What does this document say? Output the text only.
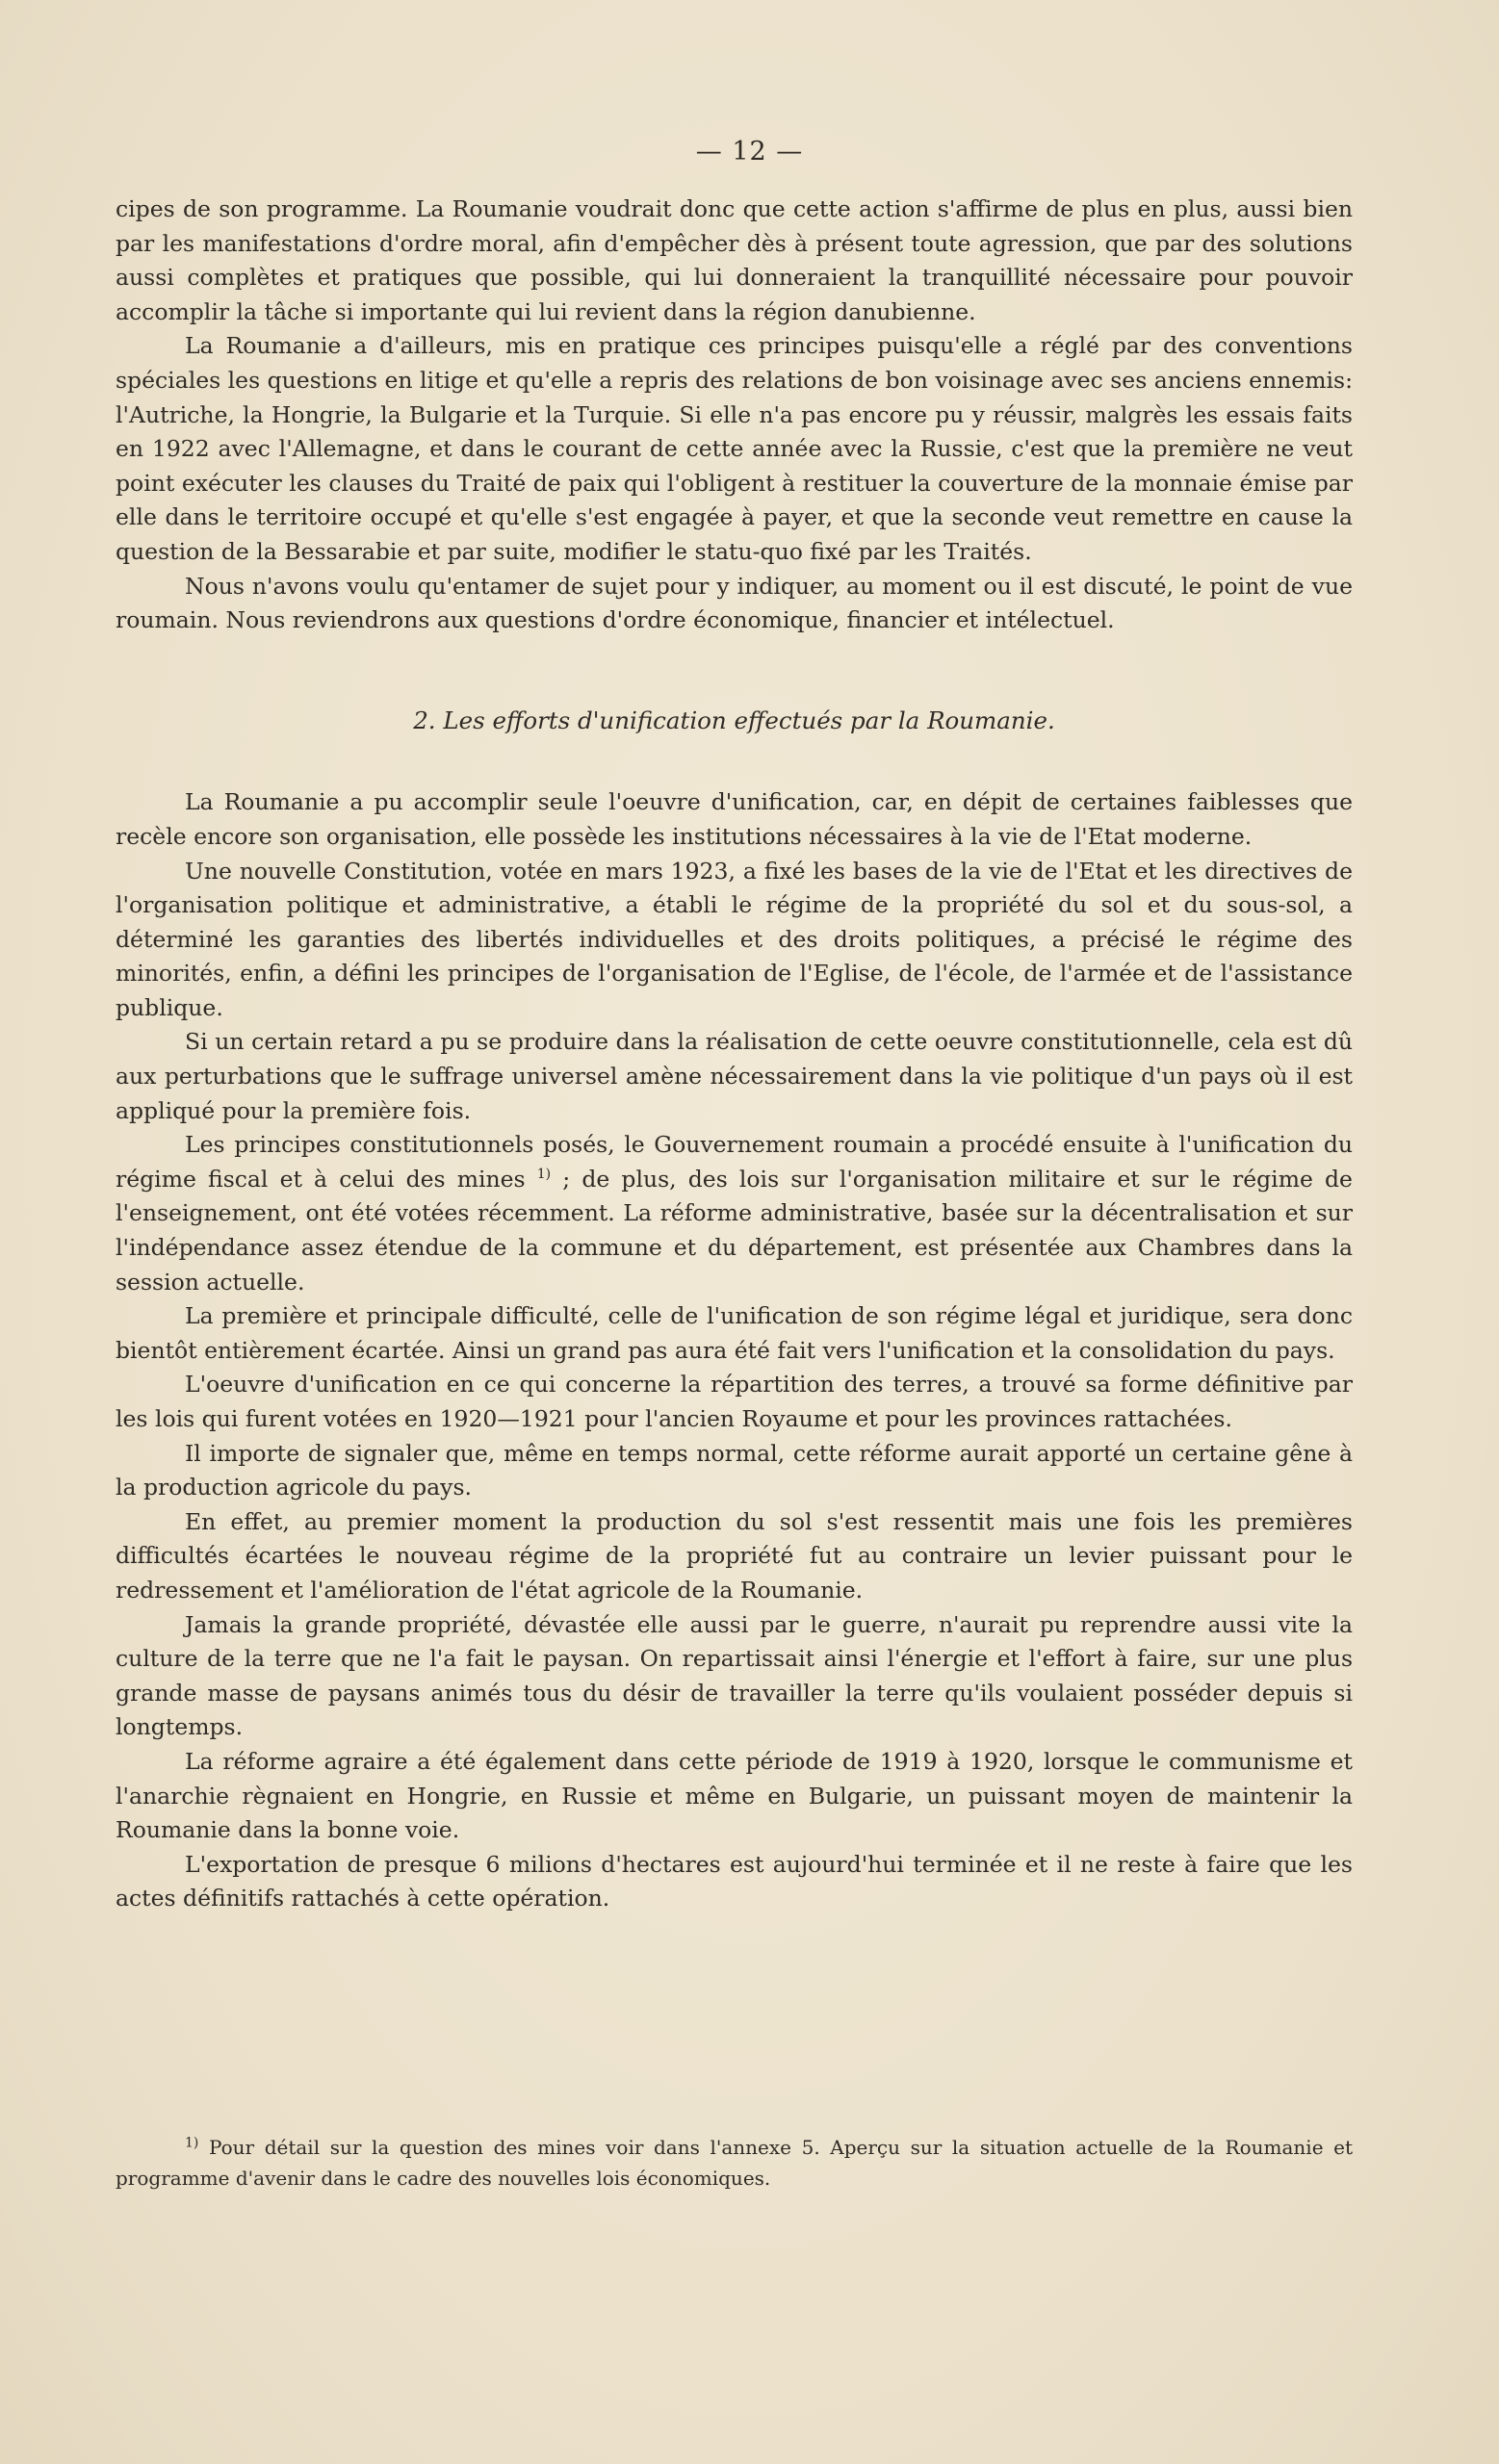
— 12 —

cipes de son programme. La Roumanie voudrait donc que cette action s'affirme de plus en plus, aussi bien par les manifestations d'ordre moral, afin d'empêcher dès à présent toute agression, que par des solutions aussi complètes et pratiques que possible, qui lui donneraient la tranquillité nécessaire pour pouvoir accomplir la tâche si importante qui lui revient dans la région danubienne.

La Roumanie a d'ailleurs, mis en pratique ces principes puisqu'elle a réglé par des conventions spéciales les questions en litige et qu'elle a repris des relations de bon voisinage avec ses anciens ennemis: l'Autriche, la Hongrie, la Bulgarie et la Turquie. Si elle n'a pas encore pu y réussir, malgrès les essais faits en 1922 avec l'Allemagne, et dans le courant de cette année avec la Russie, c'est que la première ne veut point exécuter les clauses du Traité de paix qui l'obligent à restituer la couverture de la monnaie émise par elle dans le territoire occupé et qu'elle s'est engagée à payer, et que la seconde veut remettre en cause la question de la Bessarabie et par suite, modifier le statu-quo fixé par les Traités.

Nous n'avons voulu qu'entamer de sujet pour y indiquer, au moment ou il est discuté, le point de vue roumain. Nous reviendrons aux questions d'ordre économique, financier et intélectuel.

2. Les efforts d'unification effectués par la Roumanie.

La Roumanie a pu accomplir seule l'oeuvre d'unification, car, en dépit de certaines faiblesses que recèle encore son organisation, elle possède les institutions nécessaires à la vie de l'Etat moderne.

Une nouvelle Constitution, votée en mars 1923, a fixé les bases de la vie de l'Etat et les directives de l'organisation politique et administrative, a établi le régime de la propriété du sol et du sous-sol, a déterminé les garanties des libertés individuelles et des droits politiques, a précisé le régime des minorités, enfin, a défini les principes de l'organisation de l'Eglise, de l'école, de l'armée et de l'assistance publique.

Si un certain retard a pu se produire dans la réalisation de cette oeuvre constitutionnelle, cela est dû aux perturbations que le suffrage universel amène nécessairement dans la vie politique d'un pays où il est appliqué pour la première fois.

Les principes constitutionnels posés, le Gouvernement roumain a procédé ensuite à l'unification du régime fiscal et à celui des mines $^{1)}$ ; de plus, des lois sur l'organisation militaire et sur le régime de l'enseignement, ont été votées récemment. La réforme administrative, basée sur la décentralisation et sur l'indépendance assez étendue de la commune et du département, est présentée aux Chambres dans la session actuelle.

La première et principale difficulté, celle de l'unification de son régime légal et juridique, sera donc bientôt entièrement écartée. Ainsi un grand pas aura été fait vers l'unification et la consolidation du pays.

L'oeuvre d'unification en ce qui concerne la répartition des terres, a trouvé sa forme définitive par les lois qui furent votées en 1920—1921 pour l'ancien Royaume et pour les provinces rattachées.

Il importe de signaler que, même en temps normal, cette réforme aurait apporté un certaine gêne à la production agricole du pays.

En effet, au premier moment la production du sol s'est ressentit mais une fois les premières difficultés écartées le nouveau régime de la propriété fut au contraire un levier puissant pour le redressement et l'amélioration de l'état agricole de la Roumanie.

Jamais la grande propriété, dévastée elle aussi par le guerre, n'aurait pu reprendre aussi vite la culture de la terre que ne l'a fait le paysan. On repartissait ainsi l'énergie et l'effort à faire, sur une plus grande masse de paysans animés tous du désir de travailler la terre qu'ils voulaient posséder depuis si longtemps.

La réforme agraire a été également dans cette période de 1919 à 1920, lorsque le communisme et l'anarchie règnaient en Hongrie, en Russie et même en Bulgarie, un puissant moyen de maintenir la Roumanie dans la bonne voie.

L'exportation de presque 6 milions d'hectares est aujourd'hui terminée et il ne reste à faire que les actes définitifs rattachés à cette opération.

$^{1)}$ Pour détail sur la question des mines voir dans l'annexe 5. Aperçu sur la situation actuelle de la Roumanie et programme d'avenir dans le cadre des nouvelles lois économiques.
